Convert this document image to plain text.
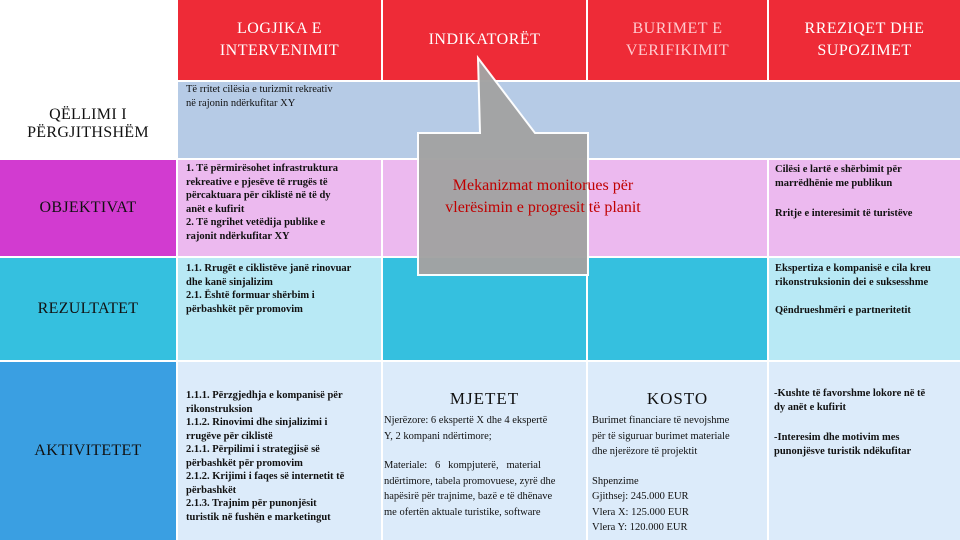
LOGJIKA E INTERVENIMIT
INDIKATORËT
BURIMET E VERIFIKIMIT
RREZIQET DHE SUPOZIMET
QËLLIMI I PËRGJITHSHËM
Të rritet cilësia e turizmit rekreativ
në rajonin ndërkufitar XY
OBJEKTIVAT
1. Të përmirësohet infrastruktura
rekreative e pjesëve të rrugës të
përcaktuara për ciklistë në të dy
anët e kufirit
2. Të ngrihet vetëdija publike e
rajonit ndërkufitar XY
Cilësi e lartë e shërbimit për
marrëdhënie me publikun
Rritje e interesimit të turistëve
REZULTATET
1.1. Rrugët e ciklistëve janë rinovuar
dhe kanë sinjalizim
2.1. Është formuar shërbim i
përbashkët për promovim
Ekspertiza e kompanisë e cila kreu
rikonstruksionin dei e suksesshme
Qëndrueshmëri e partneritetit
AKTIVITETET
1.1.1. Përzgjedhja e kompanisë për
rikonstruksion
1.1.2. Rinovimi dhe sinjalizimi i
rrugëve për ciklistë
2.1.1. Përpilimi i strategjisë së
përbashkët për promovim
2.1.2. Krijimi i faqes së internetit të
përbashkët
2.1.3. Trajnim për punonjësit
turistik në fushën e marketingut
MJETET
Njerëzore: 6 ekspertë X dhe 4 ekspertë
Y, 2 kompani ndërtimore;
Materiale:   6   kompjuterë,   material
ndërtimore, tabela promovuese, zyrë dhe
hapësirë për trajnime, bazë e të dhënave
me ofertën aktuale turistike, software
KOSTO
Burimet financiare të nevojshme
për të siguruar burimet materiale
dhe njerëzore të projektit
Shpenzime
Gjithsej: 245.000 EUR
Vlera X: 125.000 EUR
Vlera Y: 120.000 EUR
-Kushte të favorshme lokore në të
dy anët e kufirit
-Interesim dhe motivim mes
punonjësve turistik ndëkufitar
Mekanizmat monitorues për vlerësimin e progresit të planit
